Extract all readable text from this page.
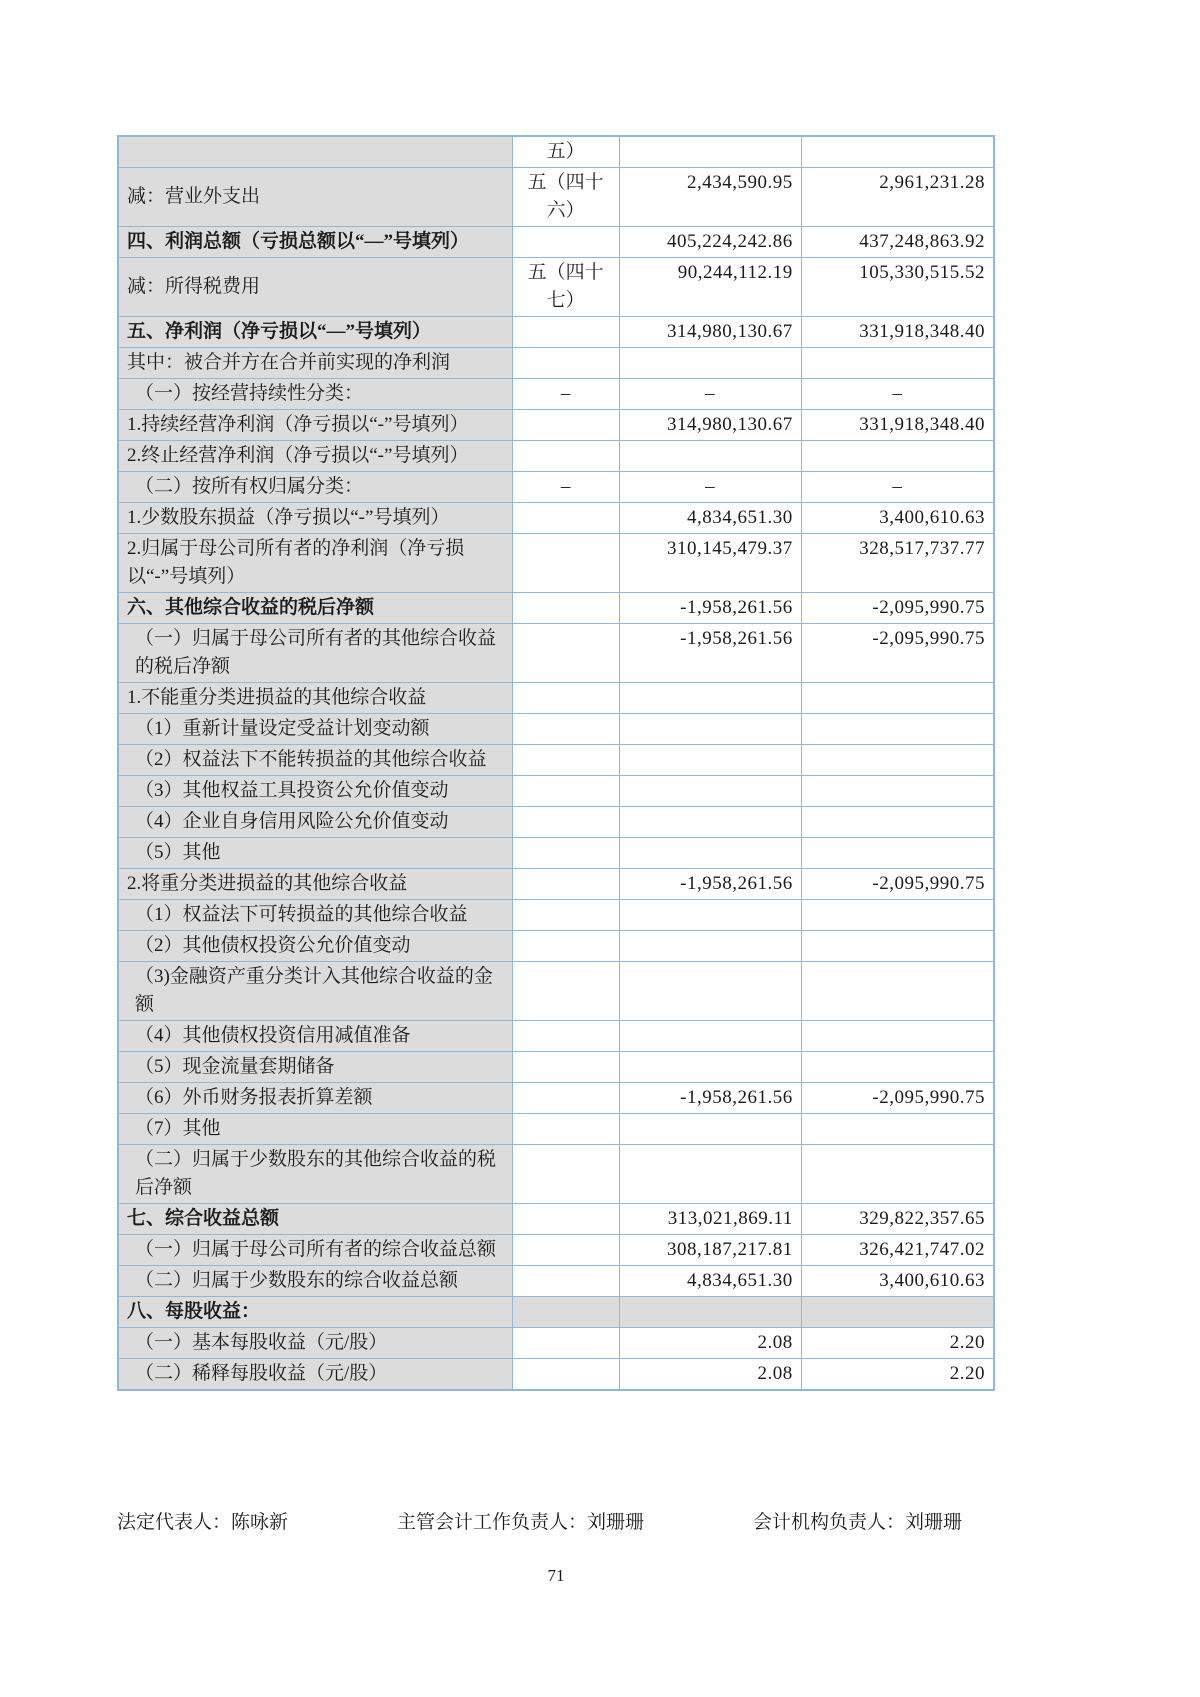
	五）		
减：营业外支出	五（四十六）	2,434,590.95	2,961,231.28
四、利润总额（亏损总额以“—”号填列）		405,224,242.86	437,248,863.92
减：所得税费用	五（四十七）	90,244,112.19	105,330,515.52
五、净利润（净亏损以“—”号填列）		314,980,130.67	331,918,348.40
其中：被合并方在合并前实现的净利润			
（一）按经营持续性分类：	–	–	–
1.持续经营净利润（净亏损以“-”号填列）		314,980,130.67	331,918,348.40
2.终止经营净利润（净亏损以“-”号填列）			
（二）按所有权归属分类：	–	–	–
1.少数股东损益（净亏损以“-”号填列）		4,834,651.30	3,400,610.63
2.归属于母公司所有者的净利润（净亏损以“-”号填列）		310,145,479.37	328,517,737.77
六、其他综合收益的税后净额		-1,958,261.56	-2,095,990.75
（一）归属于母公司所有者的其他综合收益的税后净额		-1,958,261.56	-2,095,990.75
1.不能重分类进损益的其他综合收益			
（1）重新计量设定受益计划变动额			
（2）权益法下不能转损益的其他综合收益			
（3）其他权益工具投资公允价值变动			
（4）企业自身信用风险公允价值变动			
（5）其他			
2.将重分类进损益的其他综合收益		-1,958,261.56	-2,095,990.75
（1）权益法下可转损益的其他综合收益			
（2）其他债权投资公允价值变动			
（3)金融资产重分类计入其他综合收益的金额			
（4）其他债权投资信用减值准备			
（5）现金流量套期储备			
（6）外币财务报表折算差额		-1,958,261.56	-2,095,990.75
（7）其他			
（二）归属于少数股东的其他综合收益的税后净额			
七、综合收益总额		313,021,869.11	329,822,357.65
（一）归属于母公司所有者的综合收益总额		308,187,217.81	326,421,747.02
（二）归属于少数股东的综合收益总额		4,834,651.30	3,400,610.63
八、每股收益：			
（一）基本每股收益（元/股）		2.08	2.20
（二）稀释每股收益（元/股）		2.08	2.20
法定代表人：陈咏新	主管会计工作负责人：刘珊珊	会计机构负责人：刘珊珊
71
